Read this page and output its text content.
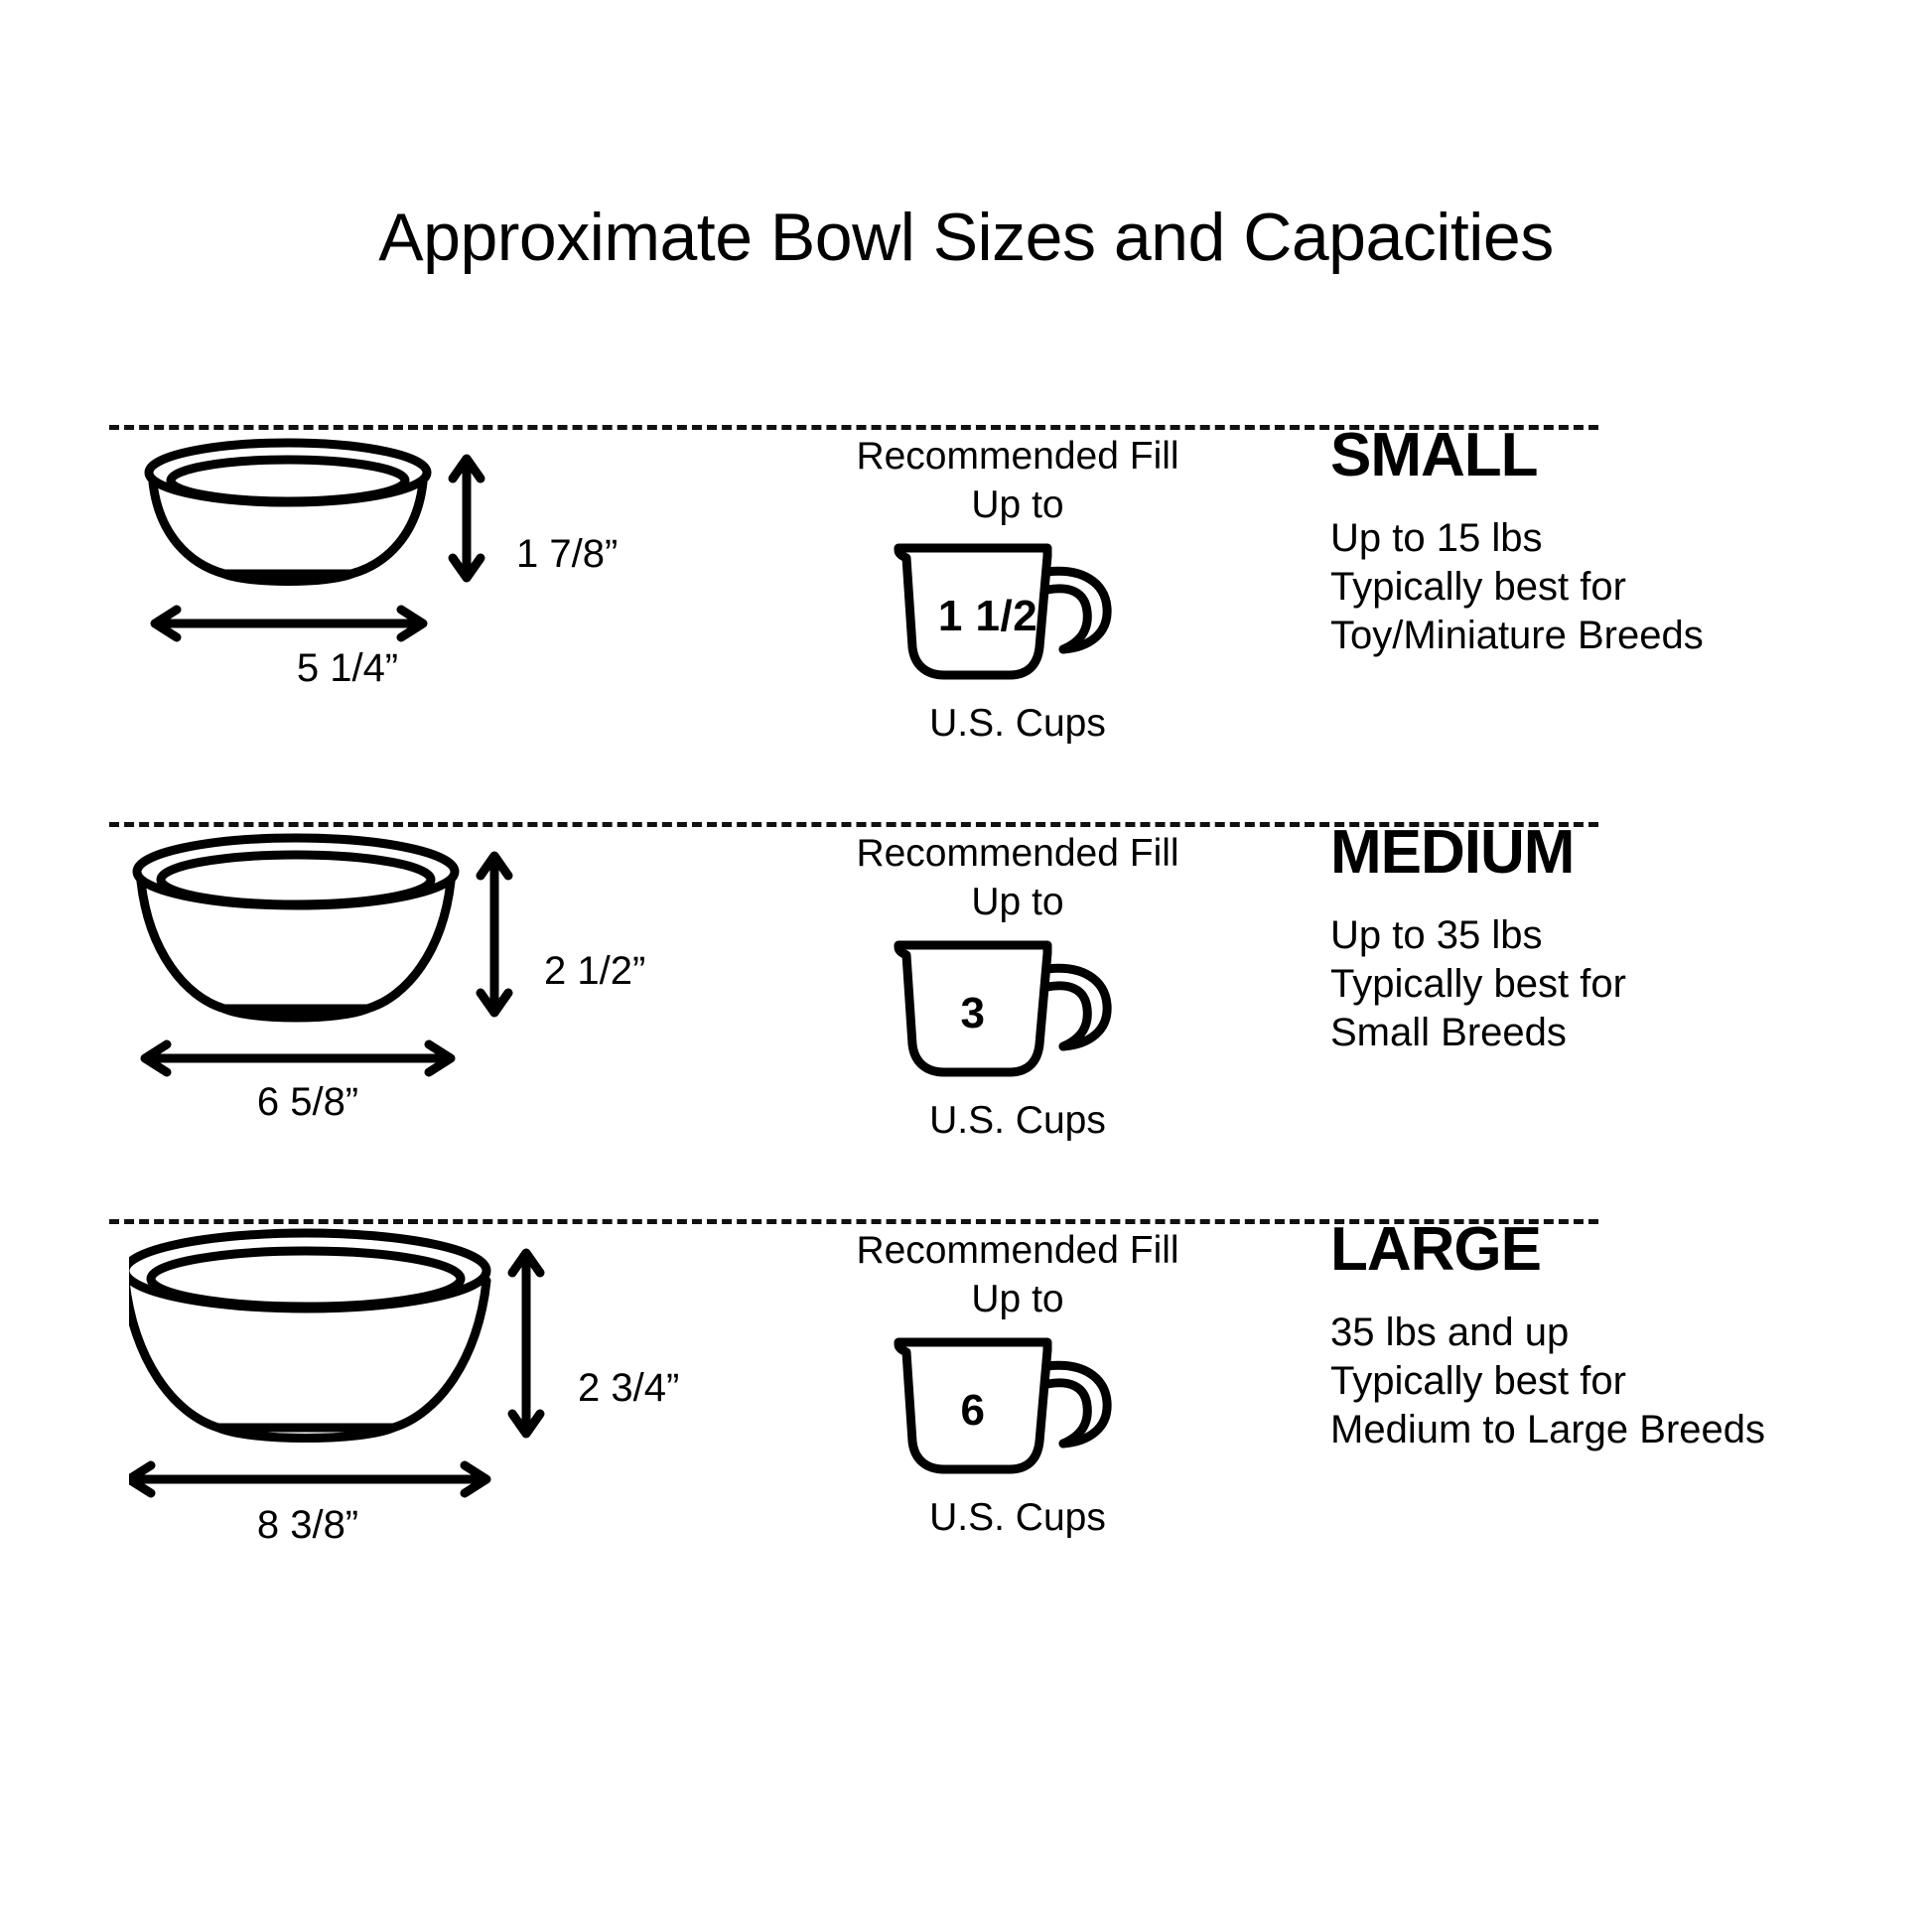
Approximate Bowl Sizes and Capacities
1 7/8”
5 1/4”
Recommended Fill
Up to
1 1/2
U.S. Cups
SMALL
Up to 15 lbs
Typically best for
Toy/Miniature Breeds
2 1/2”
6 5/8”
Recommended Fill
Up to
3
U.S. Cups
MEDIUM
Up to 35 lbs
Typically best for
Small Breeds
2 3/4”
8 3/8”
Recommended Fill
Up to
6
U.S. Cups
LARGE
35 lbs and up
Typically best for
Medium to Large Breeds
